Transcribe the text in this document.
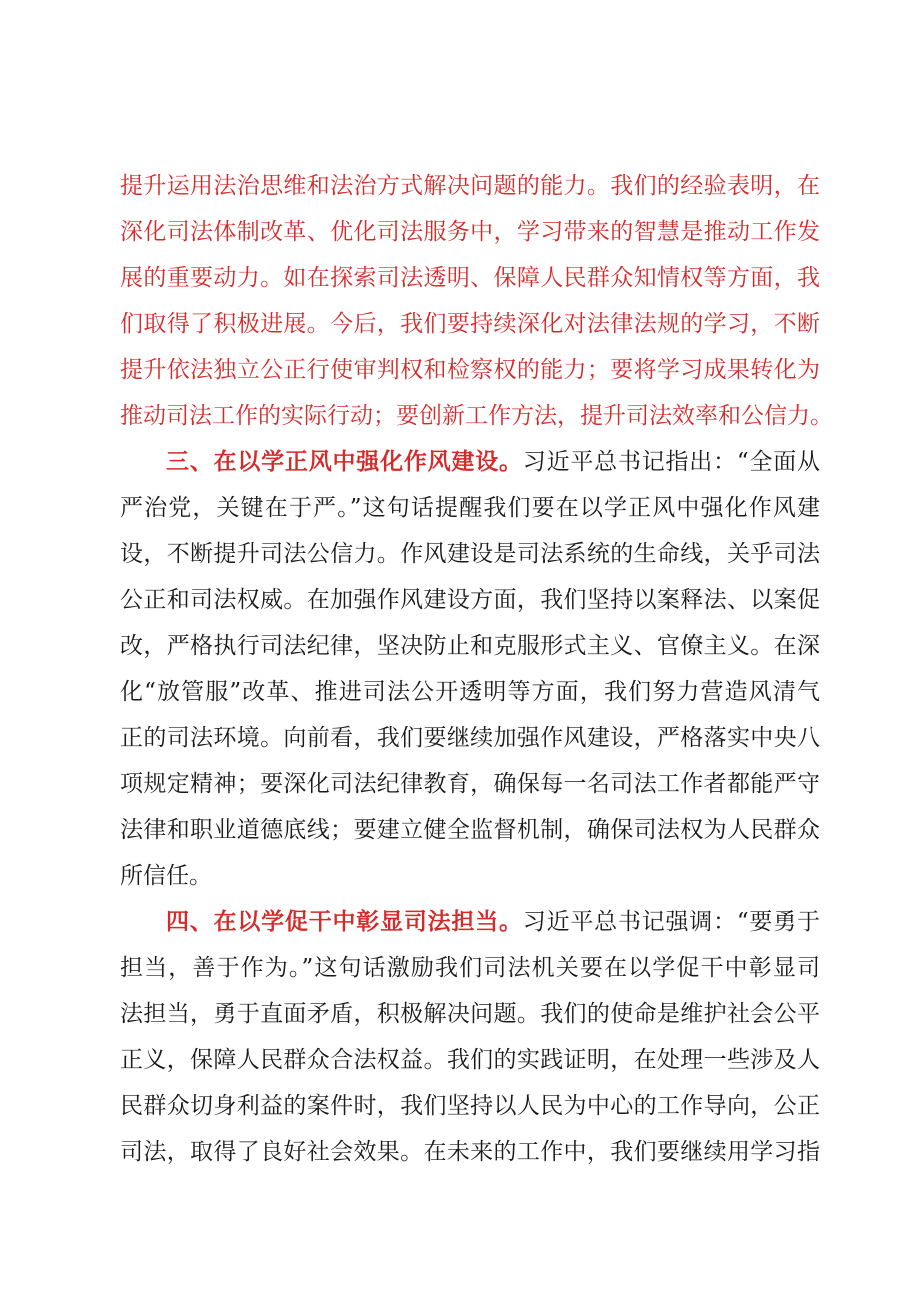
提升运用法治思维和法治方式解决问题的能力。我们的经验表明，在
深化司法体制改革、优化司法服务中，学习带来的智慧是推动工作发
展的重要动力。如在探索司法透明、保障人民群众知情权等方面，我
们取得了积极进展。今后，我们要持续深化对法律法规的学习，不断
提升依法独立公正行使审判权和检察权的能力；要将学习成果转化为
推动司法工作的实际行动；要创新工作方法，提升司法效率和公信力。
三、在以学正风中强化作风建设。习近平总书记指出：“全面从
严治党，关键在于严。”这句话提醒我们要在以学正风中强化作风建
设，不断提升司法公信力。作风建设是司法系统的生命线，关乎司法
公正和司法权威。在加强作风建设方面，我们坚持以案释法、以案促
改，严格执行司法纪律，坚决防止和克服形式主义、官僚主义。在深
化“放管服”改革、推进司法公开透明等方面，我们努力营造风清气
正的司法环境。向前看，我们要继续加强作风建设，严格落实中央八
项规定精神；要深化司法纪律教育，确保每一名司法工作者都能严守
法律和职业道德底线；要建立健全监督机制，确保司法权为人民群众
所信任。
四、在以学促干中彰显司法担当。习近平总书记强调：“要勇于
担当，善于作为。”这句话激励我们司法机关要在以学促干中彰显司
法担当，勇于直面矛盾，积极解决问题。我们的使命是维护社会公平
正义，保障人民群众合法权益。我们的实践证明，在处理一些涉及人
民群众切身利益的案件时，我们坚持以人民为中心的工作导向，公正
司法，取得了良好社会效果。在未来的工作中，我们要继续用学习指
